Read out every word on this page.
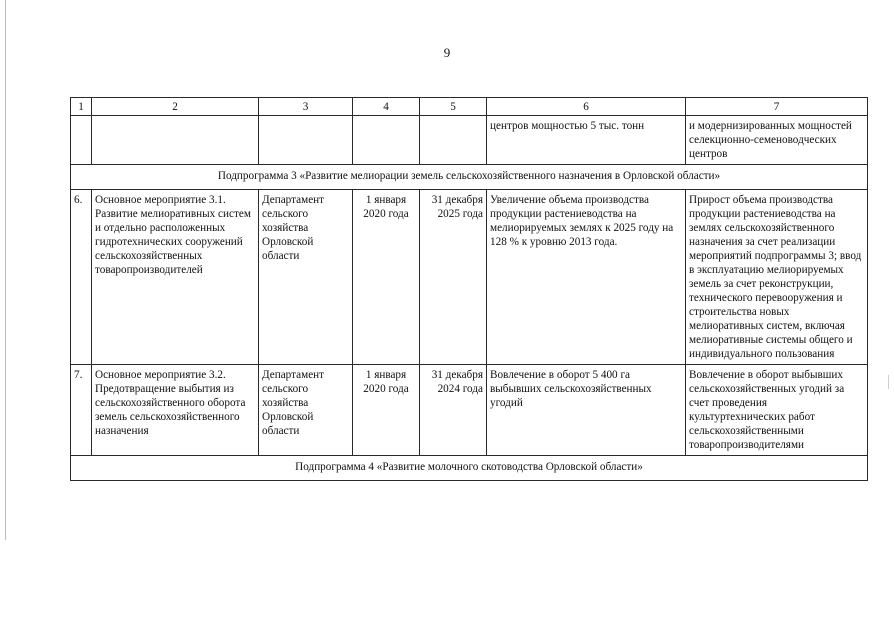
9
1	2	3	4	5	6	7
					центров мощностью 5 тыс. тонн	и модернизированных мощностей селекционно-семеноводческих центров
Подпрограмма 3 «Развитие мелиорации земель сельскохозяйственного назначения в Орловской области»						
6.	Основное мероприятие 3.1. Развитие мелиоративных систем и отдельно расположенных гидротехнических сооружений сельскохозяйственных товаропроизводителей	Департамент сельского хозяйства Орловской области	1 января 2020 года	31 декабря 2025 года	Увеличение объема производства продукции растениеводства на мелиорируемых землях к 2025 году на 128 % к уровню 2013 года.	Прирост объема производства продукции растениеводства на землях сельскохозяйственного назначения за счет реализации мероприятий подпрограммы 3; ввод в эксплуатацию мелиорируемых земель за счет реконструкции, технического перевооружения и строительства новых мелиоративных систем, включая мелиоративные системы общего и индивидуального пользования
7.	Основное мероприятие 3.2. Предотвращение выбытия из сельскохозяйственного оборота земель сельскохозяйственного назначения	Департамент сельского хозяйства Орловской области	1 января 2020 года	31 декабря 2024 года	Вовлечение в оборот 5 400 га выбывших сельскохозяйственных угодий	Вовлечение в оборот выбывших сельскохозяйственных угодий за счет проведения культуртехнических работ сельскохозяйственными товаропроизводителями
Подпрограмма 4 «Развитие молочного скотоводства Орловской области»						
